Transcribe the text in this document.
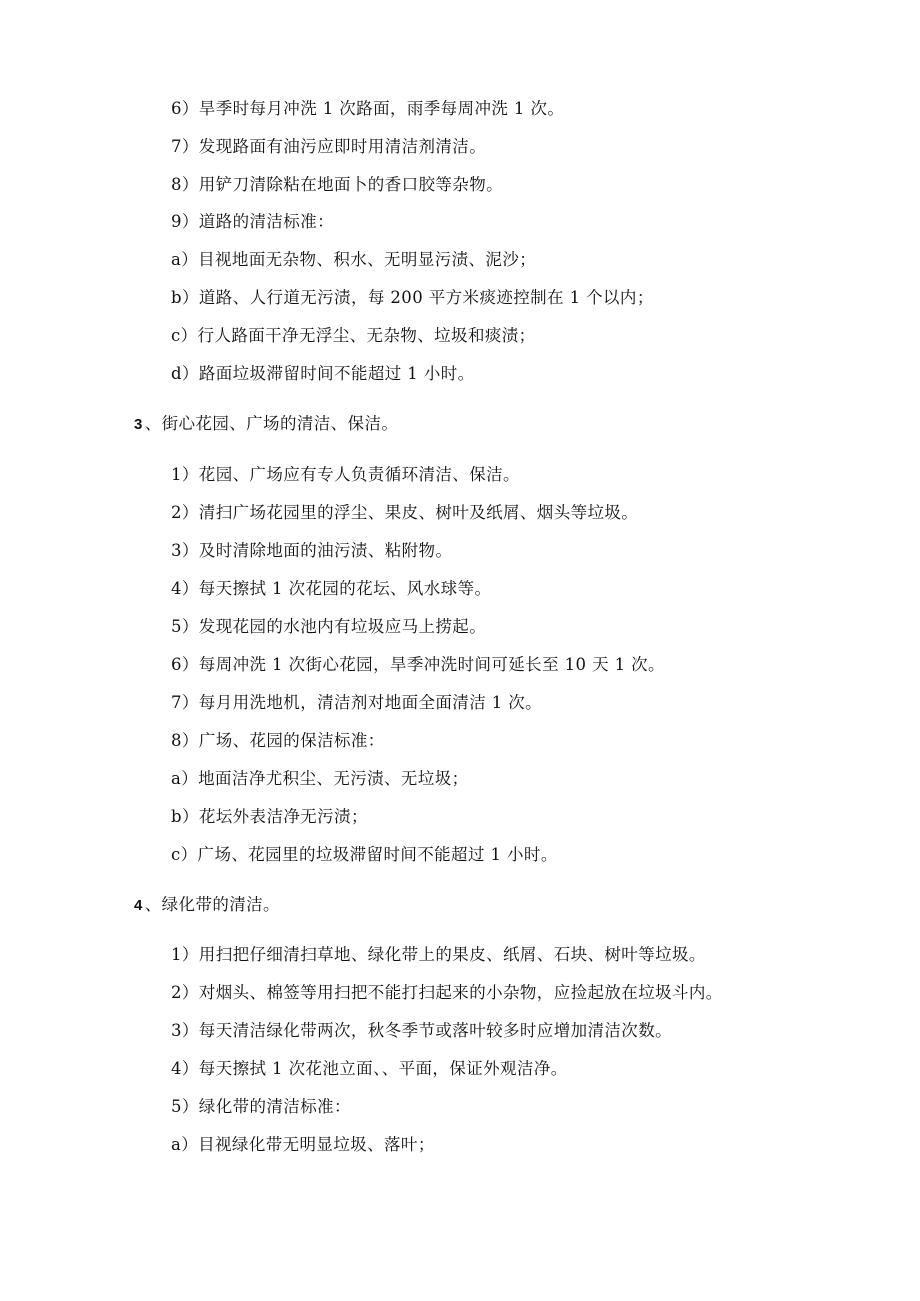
6）旱季时每月冲洗 1 次路面，雨季每周冲洗 1 次。
7）发现路面有油污应即时用清洁剂清洁。
8）用铲刀清除粘在地面卜的香口胶等杂物。
9）道路的清洁标准：
a）目视地面无杂物、积水、无明显污渍、泥沙；
b）道路、人行道无污渍，每 200 平方米痰迹控制在 1 个以内；
c）行人路面干净无浮尘、无杂物、垃圾和痰渍；
d）路面垃圾滞留时间不能超过 1 小时。
3 、街心花园、广场的清洁、保洁。
1）花园、广场应有专人负责循环清洁、保洁。
2）清扫广场花园里的浮尘、果皮、树叶及纸屑、烟头等垃圾。
3）及时清除地面的油污渍、粘附物。
4）每天擦拭 1 次花园的花坛、风水球等。
5）发现花园的水池内有垃圾应马上捞起。
6）每周冲洗 1 次街心花园，旱季冲洗时间可延长至 10 天 1 次。
7）每月用洗地机，清洁剂对地面全面清洁 1 次。
8）广场、花园的保洁标准：
a）地面洁净尤积尘、无污渍、无垃圾；
b）花坛外表洁净无污渍；
c）广场、花园里的垃圾滞留时间不能超过 1 小时。
4 、绿化带的清洁。
1）用扫把仔细清扫草地、绿化带上的果皮、纸屑、石块、树叶等垃圾。
2）对烟头、棉签等用扫把不能打扫起来的小杂物，应捡起放在垃圾斗内。
3）每天清洁绿化带两次，秋冬季节或落叶较多时应增加清洁次数。
4）每天擦拭 1 次花池立面、、平面，保证外观洁净。
5）绿化带的清洁标准：
a）目视绿化带无明显垃圾、落叶；
